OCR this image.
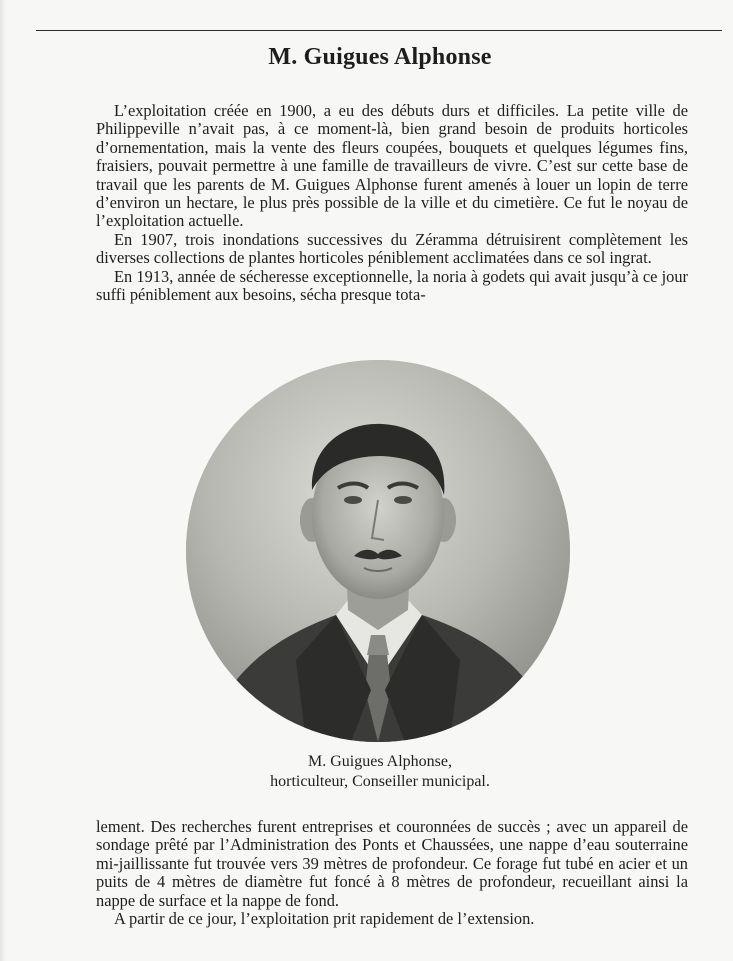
M. Guigues Alphonse

L’exploitation créée en 1900, a eu des débuts durs et difficiles. La petite ville de Philippeville n’avait pas, à ce moment-là, bien grand besoin de produits horticoles d’ornementation, mais la vente des fleurs coupées, bouquets et quelques légumes fins, fraisiers, pouvait permettre à une famille de travailleurs de vivre. C’est sur cette base de travail que les parents de M. Guigues Alphonse furent amenés à louer un lopin de terre d’environ un hectare, le plus près possible de la ville et du cimetière. Ce fut le noyau de l’exploitation actuelle.

En 1907, trois inondations successives du Zéramma détruisirent complètement les diverses collections de plantes horticoles péniblement acclimatées dans ce sol ingrat.

En 1913, année de sécheresse exceptionnelle, la noria à godets qui avait jusqu’à ce jour suffi péniblement aux besoins, sécha presque tota-

M. Guigues Alphonse,
horticulteur, Conseiller municipal.

lement. Des recherches furent entreprises et couronnées de succès ; avec un appareil de sondage prêté par l’Administration des Ponts et Chaussées, une nappe d’eau souterraine mi-jaillissante fut trouvée vers 39 mètres de profondeur. Ce forage fut tubé en acier et un puits de 4 mètres de diamètre fut foncé à 8 mètres de profondeur, recueillant ainsi la nappe de surface et la nappe de fond.

A partir de ce jour, l’exploitation prit rapidement de l’extension.
